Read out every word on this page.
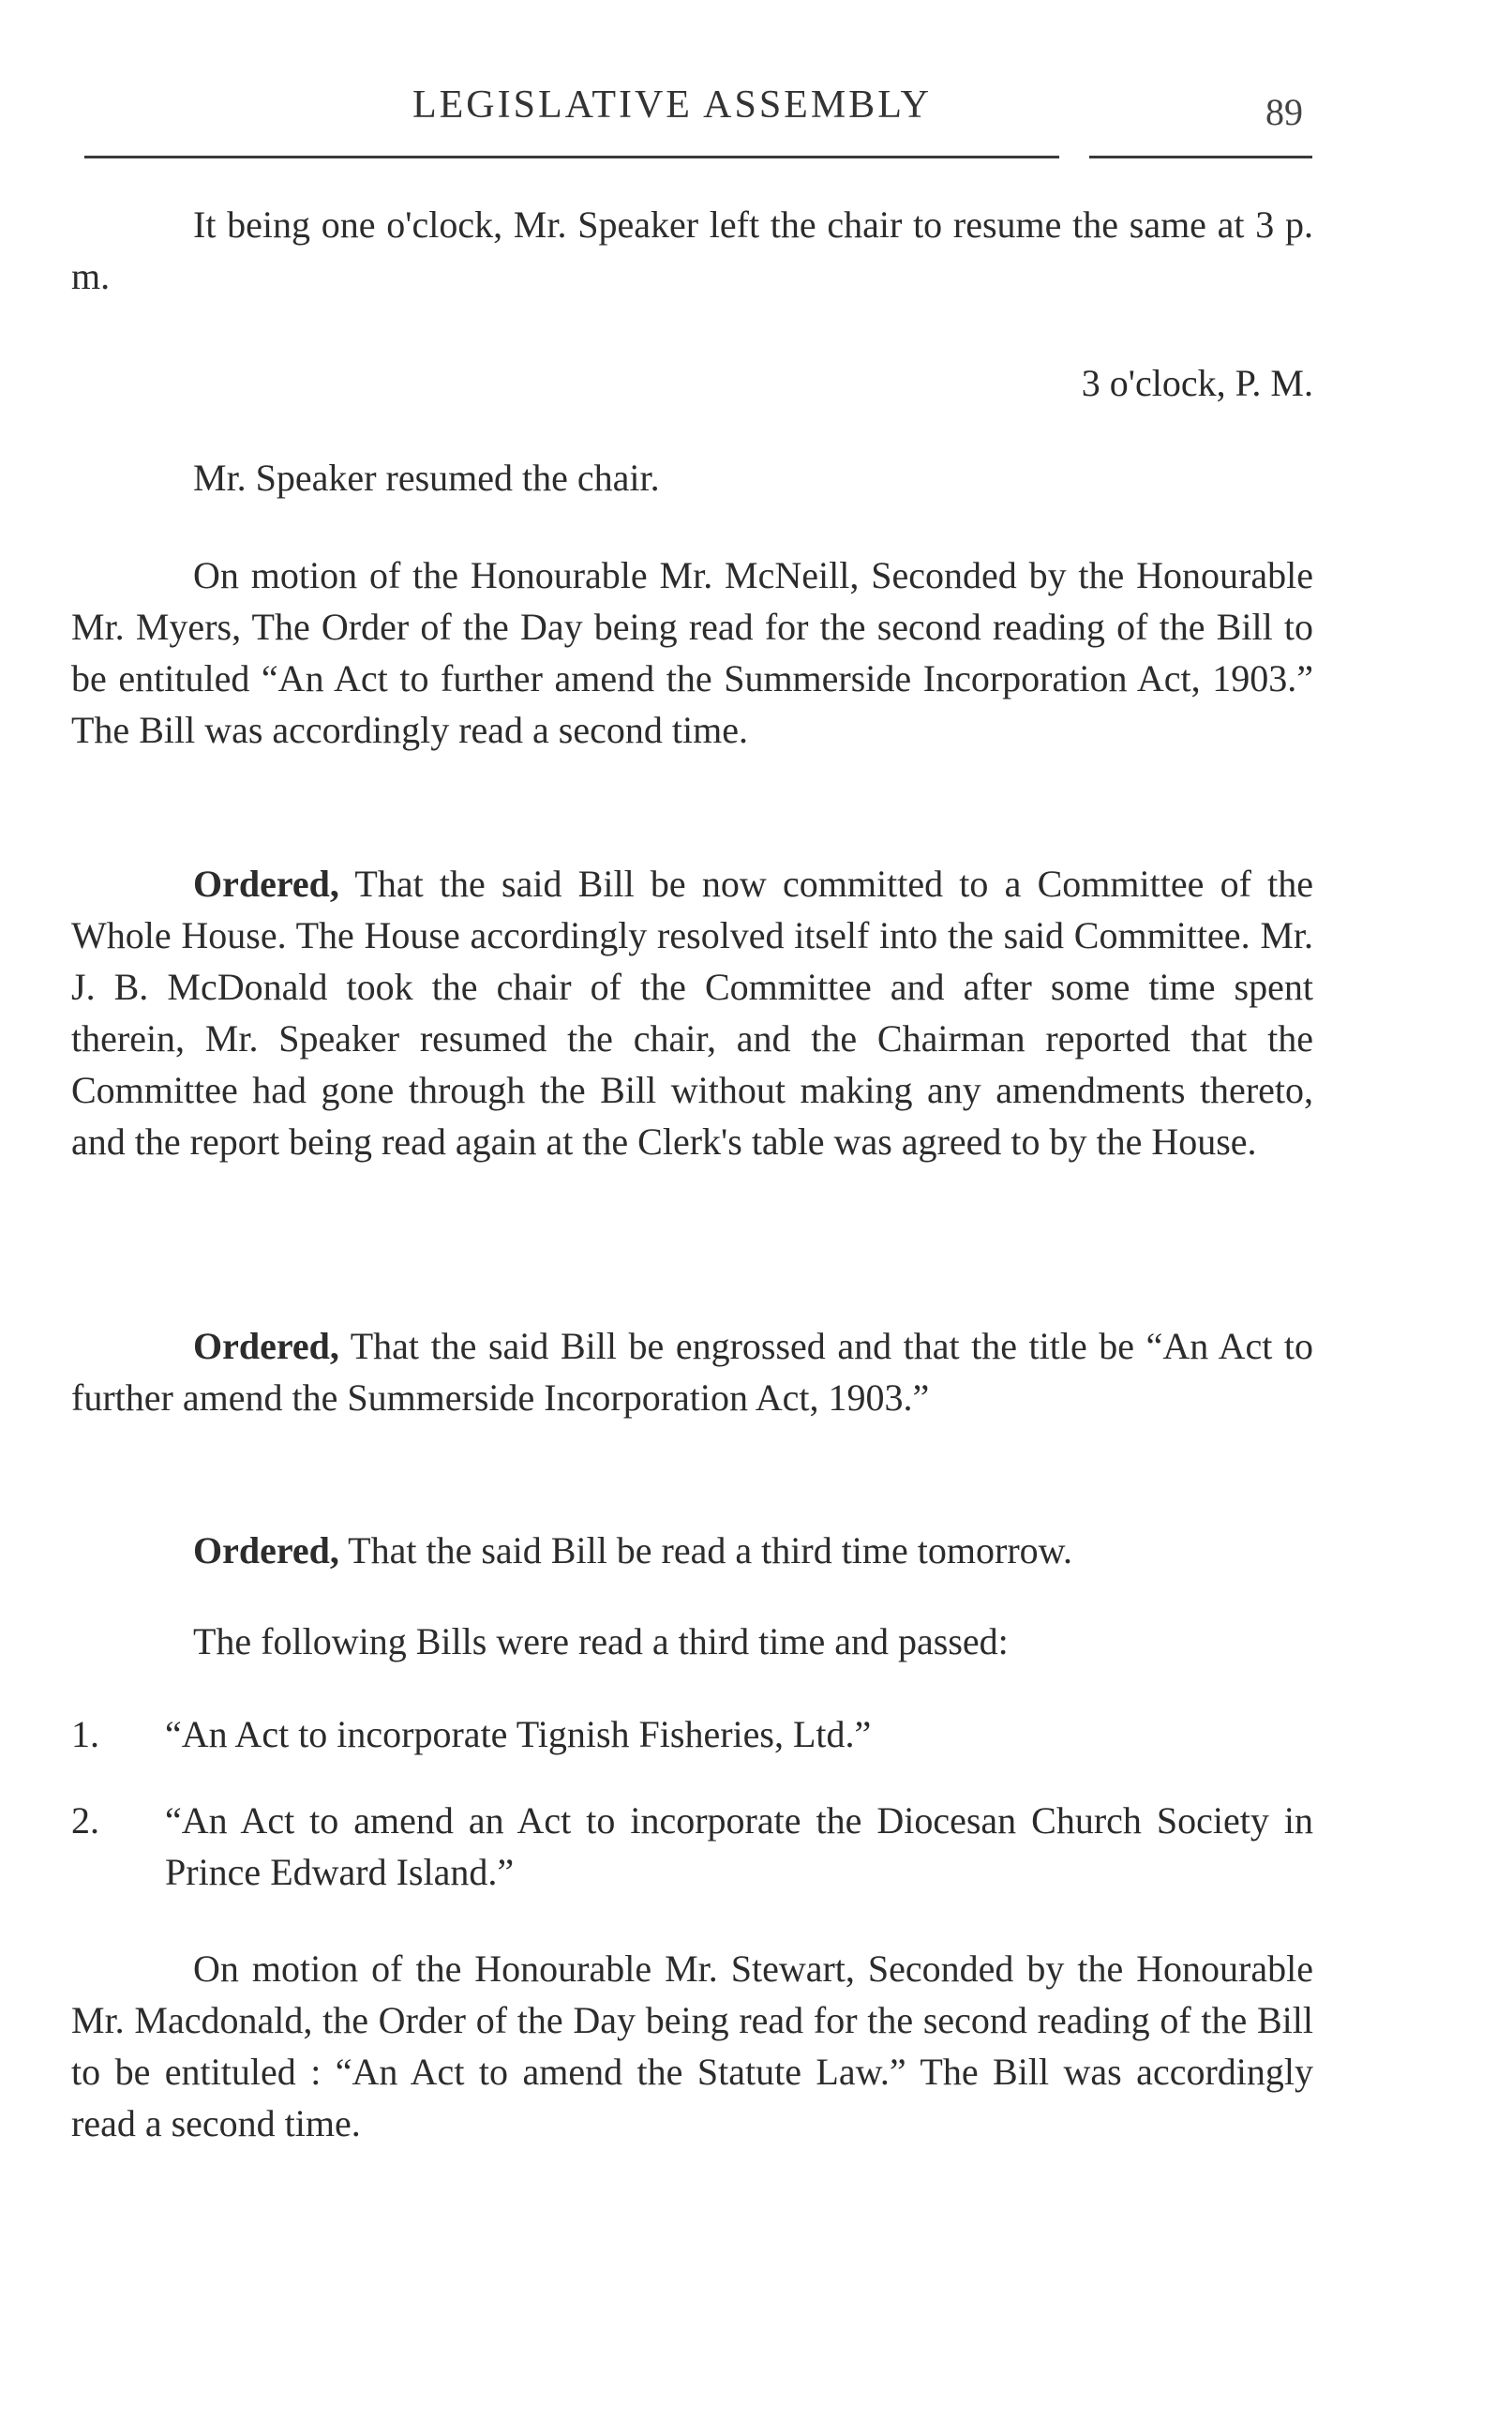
LEGISLATIVE ASSEMBLY	89
It being one o'clock, Mr. Speaker left the chair to resume the same at 3 p. m.
3 o'clock, P. M.
Mr. Speaker resumed the chair.
On motion of the Honourable Mr. McNeill, Seconded by the Honourable Mr. Myers, The Order of the Day being read for the second reading of the Bill to be entituled “An Act to further amend the Summerside Incorporation Act, 1903.” The Bill was accordingly read a second time.
Ordered, That the said Bill be now committed to a Committee of the Whole House. The House accordingly resolved itself into the said Committee. Mr. J. B. McDonald took the chair of the Committee and after some time spent therein, Mr. Speaker resumed the chair, and the Chairman reported that the Committee had gone through the Bill without making any amendments thereto, and the report being read again at the Clerk's table was agreed to by the House.
Ordered, That the said Bill be engrossed and that the title be “An Act to further amend the Summerside Incorporation Act, 1903.”
Ordered, That the said Bill be read a third time tomorrow.
The following Bills were read a third time and passed:
1. “An Act to incorporate Tignish Fisheries, Ltd.”
2. “An Act to amend an Act to incorporate the Diocesan Church Society in Prince Edward Island.”
On motion of the Honourable Mr. Stewart, Seconded by the Honourable Mr. Macdonald, the Order of the Day being read for the second reading of the Bill to be entituled : “An Act to amend the Statute Law.” The Bill was accordingly read a second time.
